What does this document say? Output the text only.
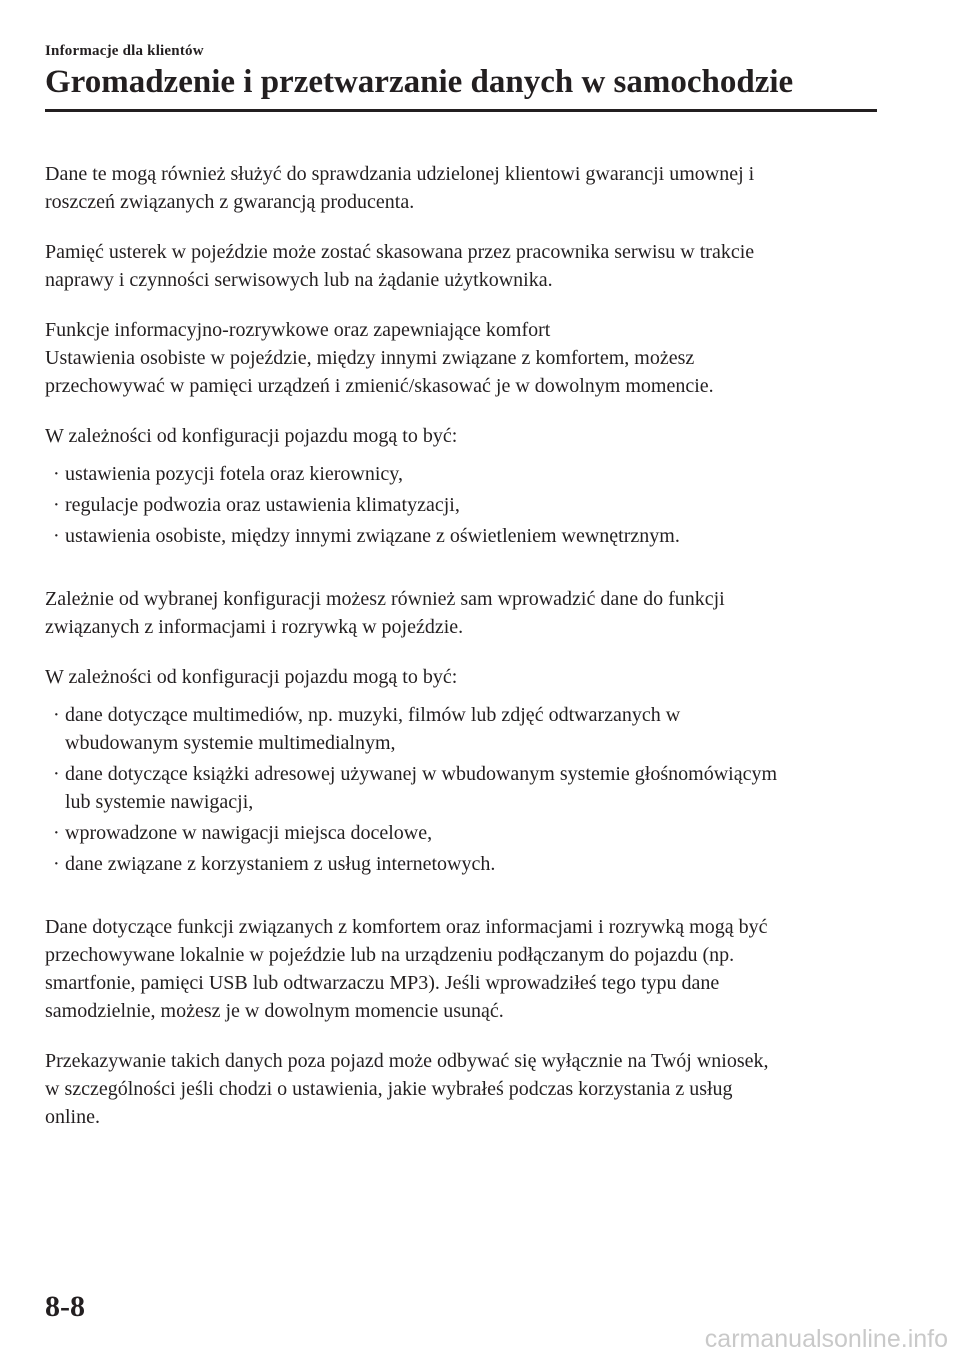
Informacje dla klientów
Gromadzenie i przetwarzanie danych w samochodzie

Dane te mogą również służyć do sprawdzania udzielonej klientowi gwarancji umownej i
roszczeń związanych z gwarancją producenta.

Pamięć usterek w pojeździe może zostać skasowana przez pracownika serwisu w trakcie
naprawy i czynności serwisowych lub na żądanie użytkownika.

Funkcje informacyjno-rozrywkowe oraz zapewniające komfort
Ustawienia osobiste w pojeździe, między innymi związane z komfortem, możesz
przechowywać w pamięci urządzeń i zmienić/skasować je w dowolnym momencie.

W zależności od konfiguracji pojazdu mogą to być:

· ustawienia pozycji fotela oraz kierownicy,
· regulacje podwozia oraz ustawienia klimatyzacji,
· ustawienia osobiste, między innymi związane z oświetleniem wewnętrznym.

Zależnie od wybranej konfiguracji możesz również sam wprowadzić dane do funkcji
związanych z informacjami i rozrywką w pojeździe.

W zależności od konfiguracji pojazdu mogą to być:

· dane dotyczące multimediów, np. muzyki, filmów lub zdjęć odtwarzanych w
wbudowanym systemie multimedialnym,
· dane dotyczące książki adresowej używanej w wbudowanym systemie głośnomówiącym
lub systemie nawigacji,
· wprowadzone w nawigacji miejsca docelowe,
· dane związane z korzystaniem z usług internetowych.

Dane dotyczące funkcji związanych z komfortem oraz informacjami i rozrywką mogą być
przechowywane lokalnie w pojeździe lub na urządzeniu podłączanym do pojazdu (np.
smartfonie, pamięci USB lub odtwarzaczu MP3). Jeśli wprowadziłeś tego typu dane
samodzielnie, możesz je w dowolnym momencie usunąć.

Przekazywanie takich danych poza pojazd może odbywać się wyłącznie na Twój wniosek,
w szczególności jeśli chodzi o ustawienia, jakie wybrałeś podczas korzystania z usług
online.

8-8
carmanualsonline.info
